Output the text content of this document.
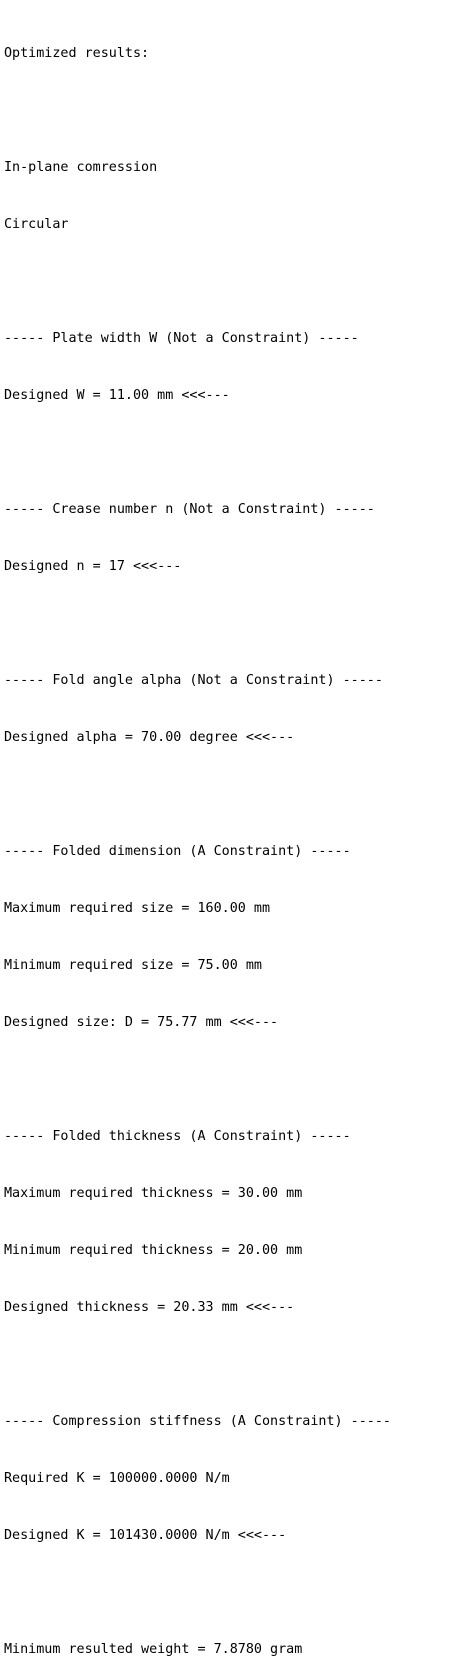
Optimized results:

In-plane comression

Circular

----- Plate width W (Not a Constraint) -----

Designed W = 11.00 mm <<<---

----- Crease number n (Not a Constraint) -----

Designed n = 17 <<<---

----- Fold angle alpha (Not a Constraint) -----

Designed alpha = 70.00 degree <<<---

----- Folded dimension (A Constraint) -----

Maximum required size = 160.00 mm

Minimum required size = 75.00 mm

Designed size: D = 75.77 mm <<<---

----- Folded thickness (A Constraint) -----

Maximum required thickness = 30.00 mm

Minimum required thickness = 20.00 mm

Designed thickness = 20.33 mm <<<---

----- Compression stiffness (A Constraint) -----

Required K = 100000.0000 N/m

Designed K = 101430.0000 N/m <<<---

Minimum resulted weight = 7.8780 gram
